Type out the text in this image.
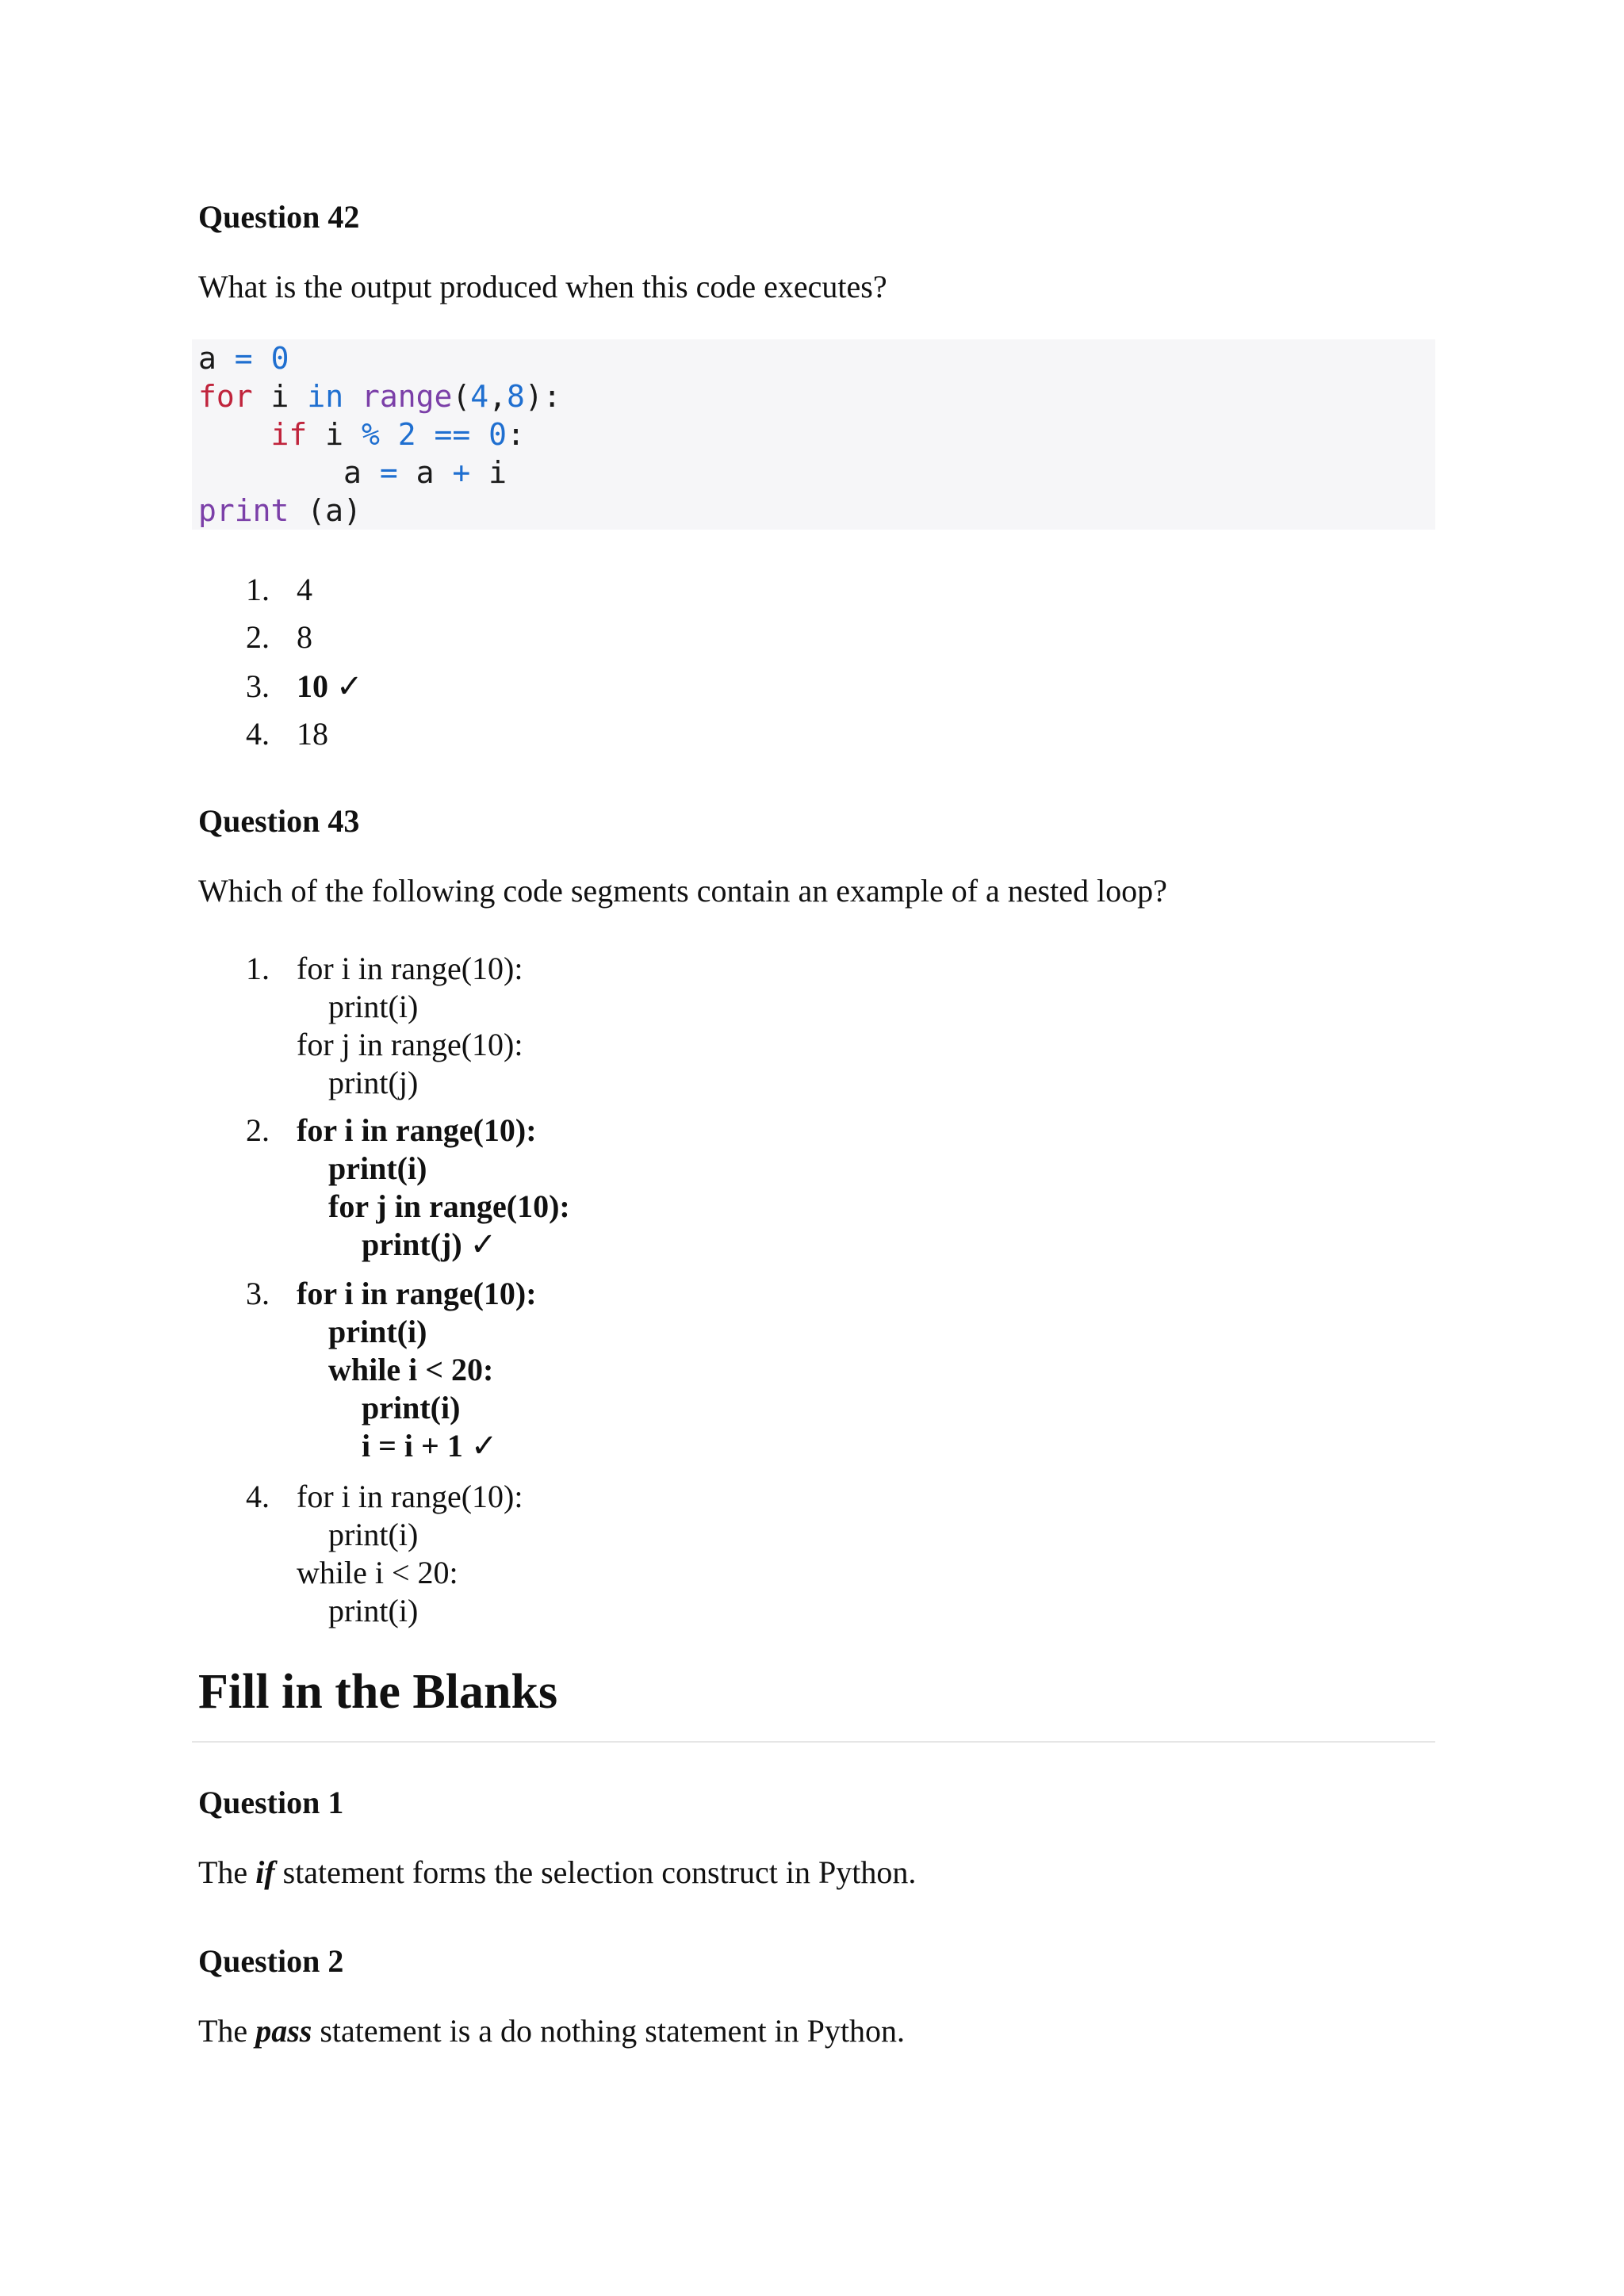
Question 42

What is the output produced when this code executes?

a = 0
for i in range(4,8):
if i % 2 == 0:
a = a + i
print (a)
1. 4
2. 8
3. 10 ✓
4. 18
Question 43

Which of the following code segments contain an example of a nested loop?

1. for i in range(10):
print(i)
for j in range(10):
print(j)
2. for i in range(10):
print(i)
for j in range(10):
print(j) ✓
3. for i in range(10):
print(i)
while i < 20:
print(i)
i = i + 1 ✓
4. for i in range(10):
print(i)
while i < 20:
print(i)
Fill in the Blanks
Question 1

The if statement forms the selection construct in Python.

Question 2

The pass statement is a do nothing statement in Python.
